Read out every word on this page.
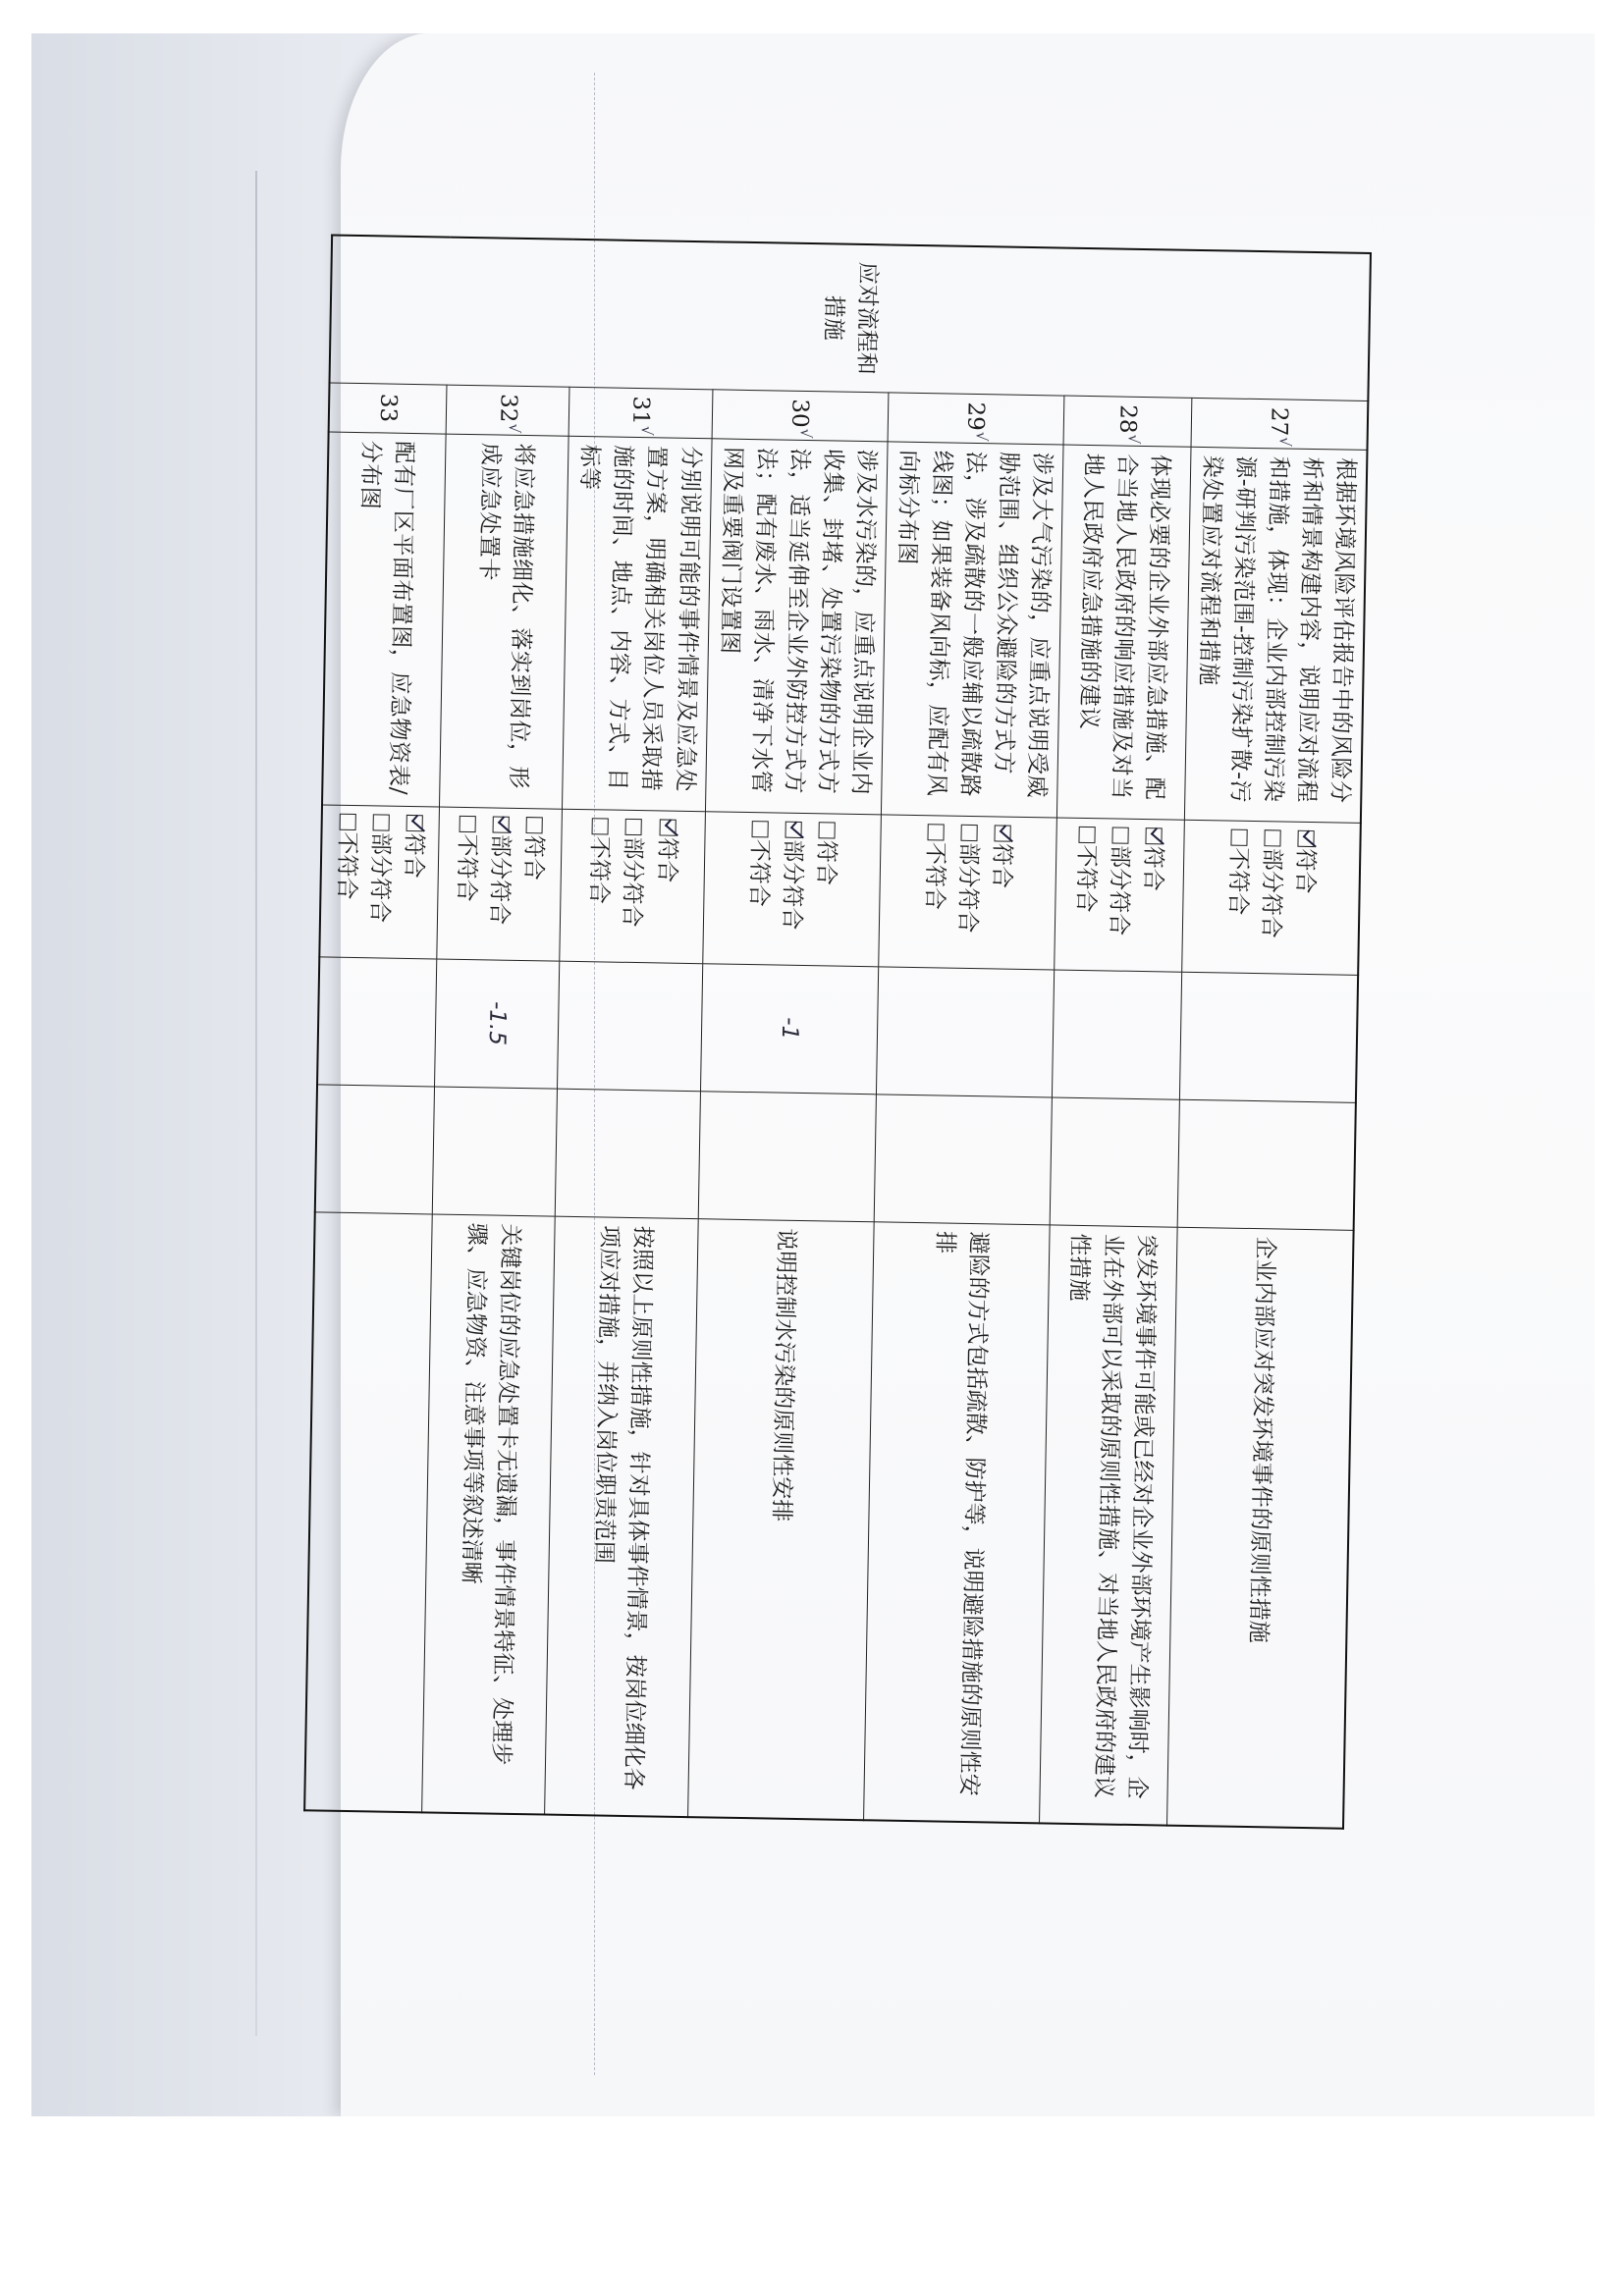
应对流程和措施	27√	根据环境风险评估报告中的风险分析和情景构建内容，说明应对流程和措施，体现：企业内部控制污染源-研判污染范围-控制污染扩散-污染处置应对流程和措施	符合
部分符合
不符合			企业内部应对突发环境事件的原则性措施
	28√	体现必要的企业外部应急措施、配合当地人民政府的响应措施及对当地人民政府应急措施的建议	符合
部分符合
不符合			突发环境事件可能或已经对企业外部环境产生影响时，企业在外部可以采取的原则性措施、对当地人民政府的建议性措施
	29√	涉及大气污染的，应重点说明受威胁范围、组织公众避险的方式方法，涉及疏散的一般应辅以疏散路线图；如果装备风向标，应配有风向标分布图	符合
部分符合
不符合			避险的方式包括疏散、防护等，说明避险措施的原则性安排
	30√	涉及水污染的，应重点说明企业内收集、封堵、处置污染物的方式方法，适当延伸至企业外防控方式方法；配有废水、雨水、清净下水管网及重要阀门设置图	符合
部分符合
不符合	-1		说明控制水污染的原则性安排
	31√	分别说明可能的事件情景及应急处置方案，明确相关岗位人员采取措施的时间、地点、内容、方式、目标等	符合
部分符合
不符合			按照以上原则性措施，针对具体事件情景，按岗位细化各项应对措施，并纳入岗位职责范围
	32√	将应急措施细化、落实到岗位，形成应急处置卡	符合
部分符合
不符合	-1.5		关键岗位的应急处置卡无遗漏，事件情景特征、处理步骤、应急物资、注意事项等叙述清晰
	33	配有厂区平面布置图，应急物资表/分布图	符合
部分符合
不符合			
